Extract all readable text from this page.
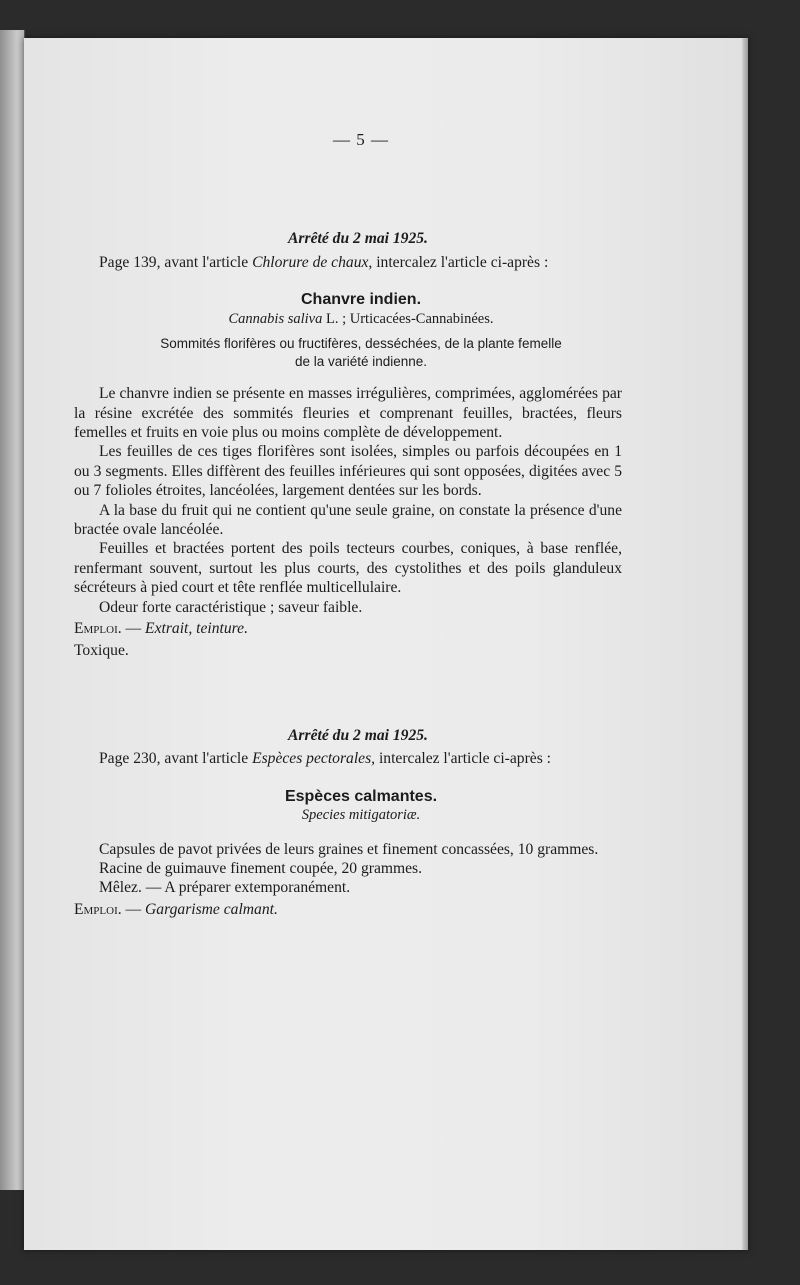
— 5 —

Arrêté du 2 mai 1925.

Page 139, avant l'article Chlorure de chaux, intercalez l'article ci-après :

Chanvre indien.

Cannabis saliva L. ; Urticacées-Cannabinées.

Sommités florifères ou fructifères, desséchées, de la plante femelle
de la variété indienne.

Le chanvre indien se présente en masses irrégulières, comprimées, agglomérées par la résine excrétée des sommités fleuries et comprenant feuilles, bractées, fleurs femelles et fruits en voie plus ou moins complète de développement.

Les feuilles de ces tiges florifères sont isolées, simples ou parfois découpées en 1 ou 3 segments. Elles diffèrent des feuilles inférieures qui sont opposées, digitées avec 5 ou 7 folioles étroites, lancéolées, largement dentées sur les bords.

A la base du fruit qui ne contient qu'une seule graine, on constate la présence d'une bractée ovale lancéolée.

Feuilles et bractées portent des poils tecteurs courbes, coniques, à base renflée, renfermant souvent, surtout les plus courts, des cystolithes et des poils glanduleux sécréteurs à pied court et tête renflée multicellulaire.

Odeur forte caractéristique ; saveur faible.

Emploi. — Extrait, teinture.

Toxique.

Arrêté du 2 mai 1925.

Page 230, avant l'article Espèces pectorales, intercalez l'article ci-après :

Espèces calmantes.

Species mitigatoriæ.

Capsules de pavot privées de leurs graines et finement concassées, 10 grammes.

Racine de guimauve finement coupée, 20 grammes.

Mêlez. — A préparer extemporanément.

Emploi. — Gargarisme calmant.
